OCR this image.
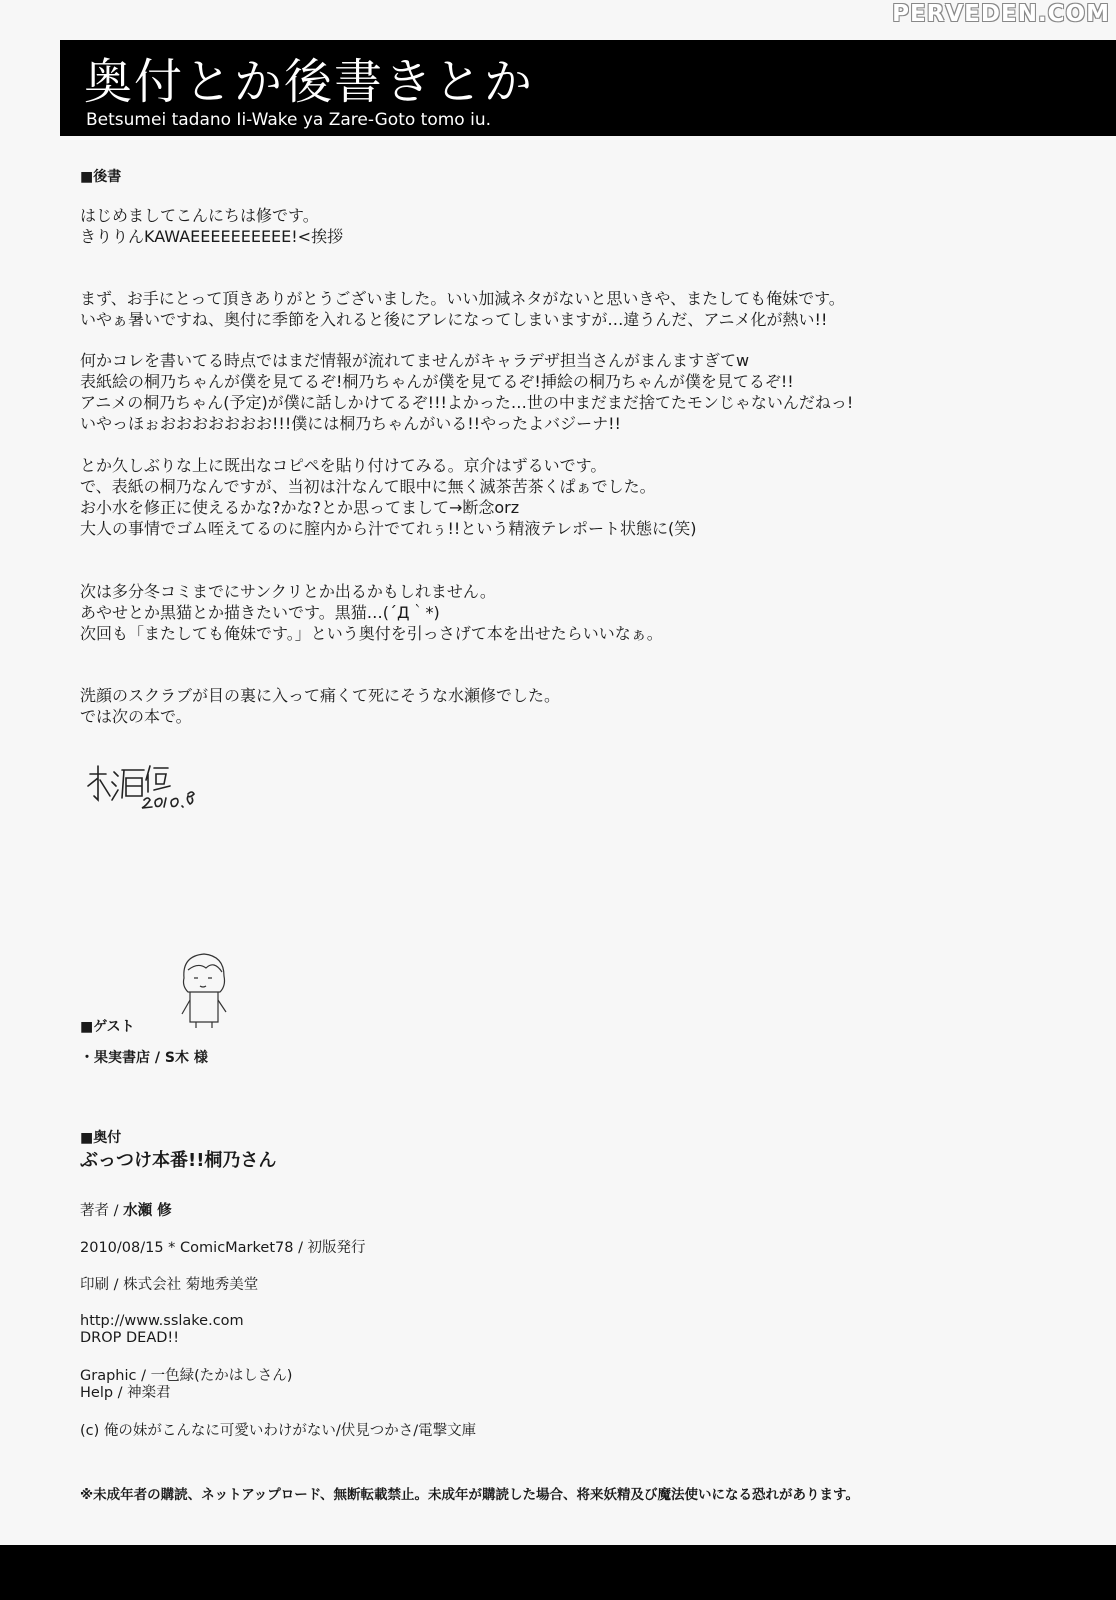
PERVEDEN.COM
奥付とか後書きとか
Betsumei tadano Ii-Wake ya Zare-Goto tomo iu.
■後書
はじめましてこんにちは修です。
きりりんKAWAEEEEEEEEEE!<挨拶
まず、お手にとって頂きありがとうございました。いい加減ネタがないと思いきや、またしても俺妹です。
いやぁ暑いですね、奥付に季節を入れると後にアレになってしまいますが…違うんだ、アニメ化が熱い!!
何かコレを書いてる時点ではまだ情報が流れてませんがキャラデザ担当さんがまんますぎてw
表紙絵の桐乃ちゃんが僕を見てるぞ!桐乃ちゃんが僕を見てるぞ!挿絵の桐乃ちゃんが僕を見てるぞ!!
アニメの桐乃ちゃん(予定)が僕に話しかけてるぞ!!!よかった…世の中まだまだ捨てたモンじゃないんだねっ!
いやっほぉおおおおおおお!!!僕には桐乃ちゃんがいる!!やったよバジーナ!!
とか久しぶりな上に既出なコピペを貼り付けてみる。京介はずるいです。
で、表紙の桐乃なんですが、当初は汁なんて眼中に無く滅茶苦茶くぱぁでした。
お小水を修正に使えるかな?かな?とか思ってまして→断念orz
大人の事情でゴム咥えてるのに膣内から汁でてれぅ!!という精液テレポート状態に(笑)
次は多分冬コミまでにサンクリとか出るかもしれません。
あやせとか黒猫とか描きたいです。黒猫…(´Д｀*)
次回も「またしても俺妹です。」という奥付を引っさげて本を出せたらいいなぁ。
洗顔のスクラブが目の裏に入って痛くて死にそうな水瀬修でした。
では次の本で。
■ゲスト
・果実書店 / S木 様
■奥付
ぶっつけ本番!!桐乃さん
著者 / 水瀬 修
2010/08/15 * ComicMarket78 / 初版発行
印刷 / 株式会社 菊地秀美堂
http://www.sslake.com
DROP DEAD!!
Graphic / 一色緑(たかはしさん)
Help / 神楽君
(c) 俺の妹がこんなに可愛いわけがない/伏見つかさ/電撃文庫
※未成年者の購読、ネットアップロード、無断転載禁止。未成年が購読した場合、将来妖精及び魔法使いになる恐れがあります。
